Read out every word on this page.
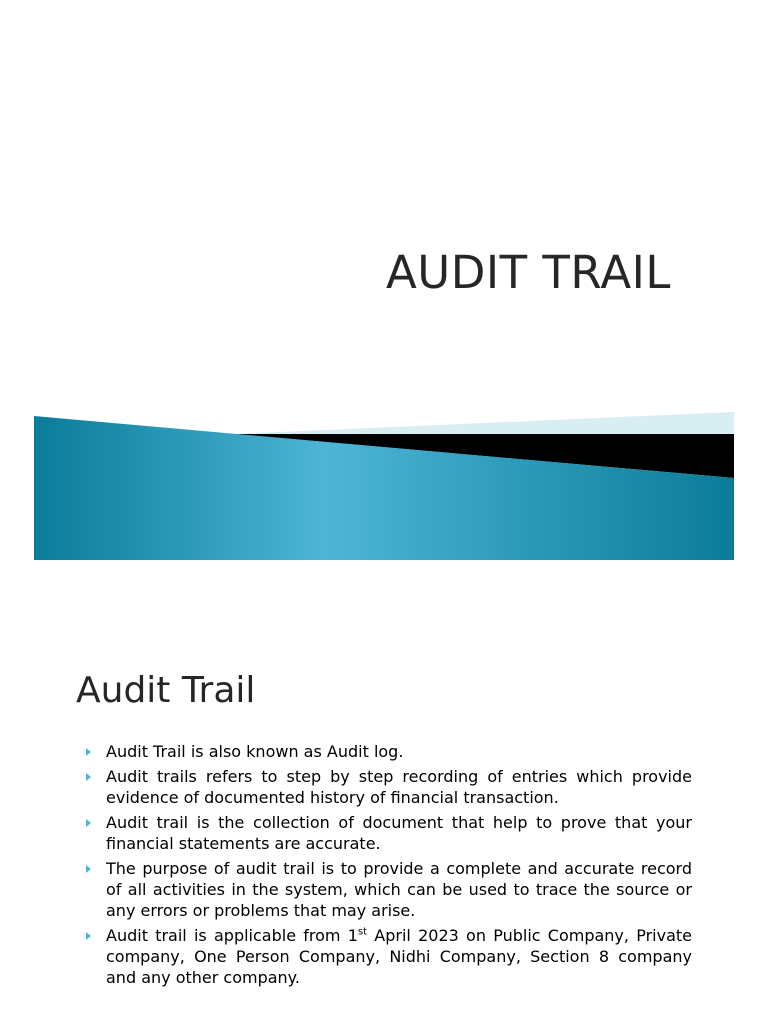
AUDIT TRAIL
Audit Trail
Audit Trail is also known as Audit log.
Audit trails refers to step by step recording of entries which provide evidence of documented history of financial transaction.
Audit trail is the collection of document that help to prove that your financial statements are accurate.
The purpose of audit trail is to provide a complete and accurate record of all activities in the system, which can be used to trace the source or any errors or problems that may arise.
Audit trail is applicable from 1st April 2023 on Public Company, Private company, One Person Company, Nidhi Company, Section 8 company and any other company.
